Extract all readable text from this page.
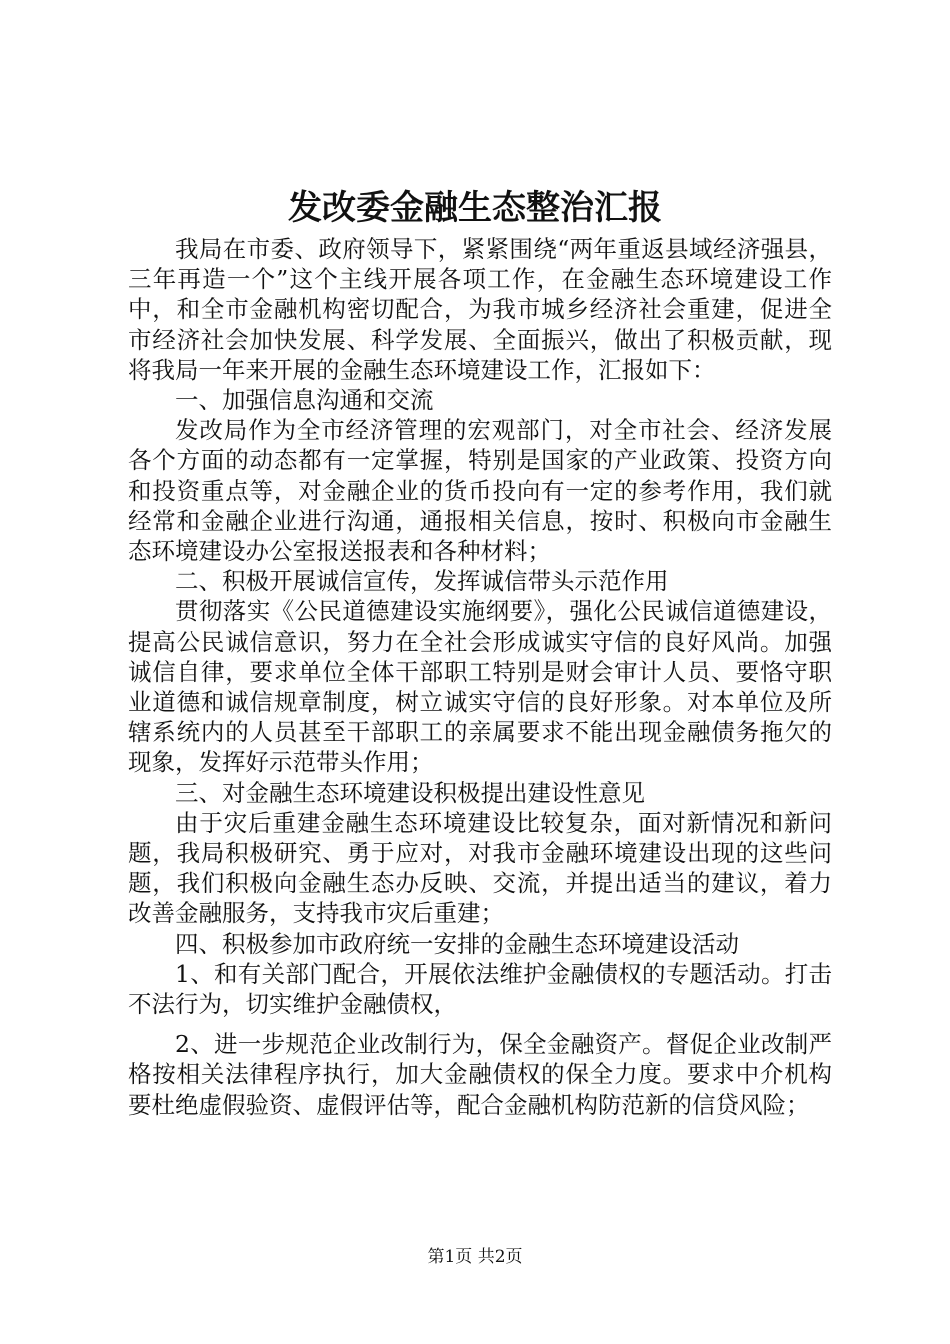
发改委金融生态整治汇报

我局在市委、政府领导下，紧紧围绕“两年重返县域经济强县，三年再造一个”这个主线开展各项工作，在金融生态环境建设工作中，和全市金融机构密切配合，为我市城乡经济社会重建，促进全市经济社会加快发展、科学发展、全面振兴，做出了积极贡献，现将我局一年来开展的金融生态环境建设工作，汇报如下：

一、加强信息沟通和交流

发改局作为全市经济管理的宏观部门，对全市社会、经济发展各个方面的动态都有一定掌握，特别是国家的产业政策、投资方向和投资重点等，对金融企业的货币投向有一定的参考作用，我们就经常和金融企业进行沟通，通报相关信息，按时、积极向市金融生态环境建设办公室报送报表和各种材料；

二、积极开展诚信宣传，发挥诚信带头示范作用

贯彻落实《公民道德建设实施纲要》，强化公民诚信道德建设，提高公民诚信意识，努力在全社会形成诚实守信的良好风尚。加强诚信自律，要求单位全体干部职工特别是财会审计人员、要恪守职业道德和诚信规章制度，树立诚实守信的良好形象。对本单位及所辖系统内的人员甚至干部职工的亲属要求不能出现金融债务拖欠的现象，发挥好示范带头作用；

三、对金融生态环境建设积极提出建设性意见

由于灾后重建金融生态环境建设比较复杂，面对新情况和新问题，我局积极研究、勇于应对，对我市金融环境建设出现的这些问题，我们积极向金融生态办反映、交流，并提出适当的建议，着力改善金融服务，支持我市灾后重建；

四、积极参加市政府统一安排的金融生态环境建设活动

1、和有关部门配合，开展依法维护金融债权的专题活动。打击不法行为，切实维护金融债权，

2、进一步规范企业改制行为，保全金融资产。督促企业改制严格按相关法律程序执行，加大金融债权的保全力度。要求中介机构要杜绝虚假验资、虚假评估等，配合金融机构防范新的信贷风险；

第1页 共2页
